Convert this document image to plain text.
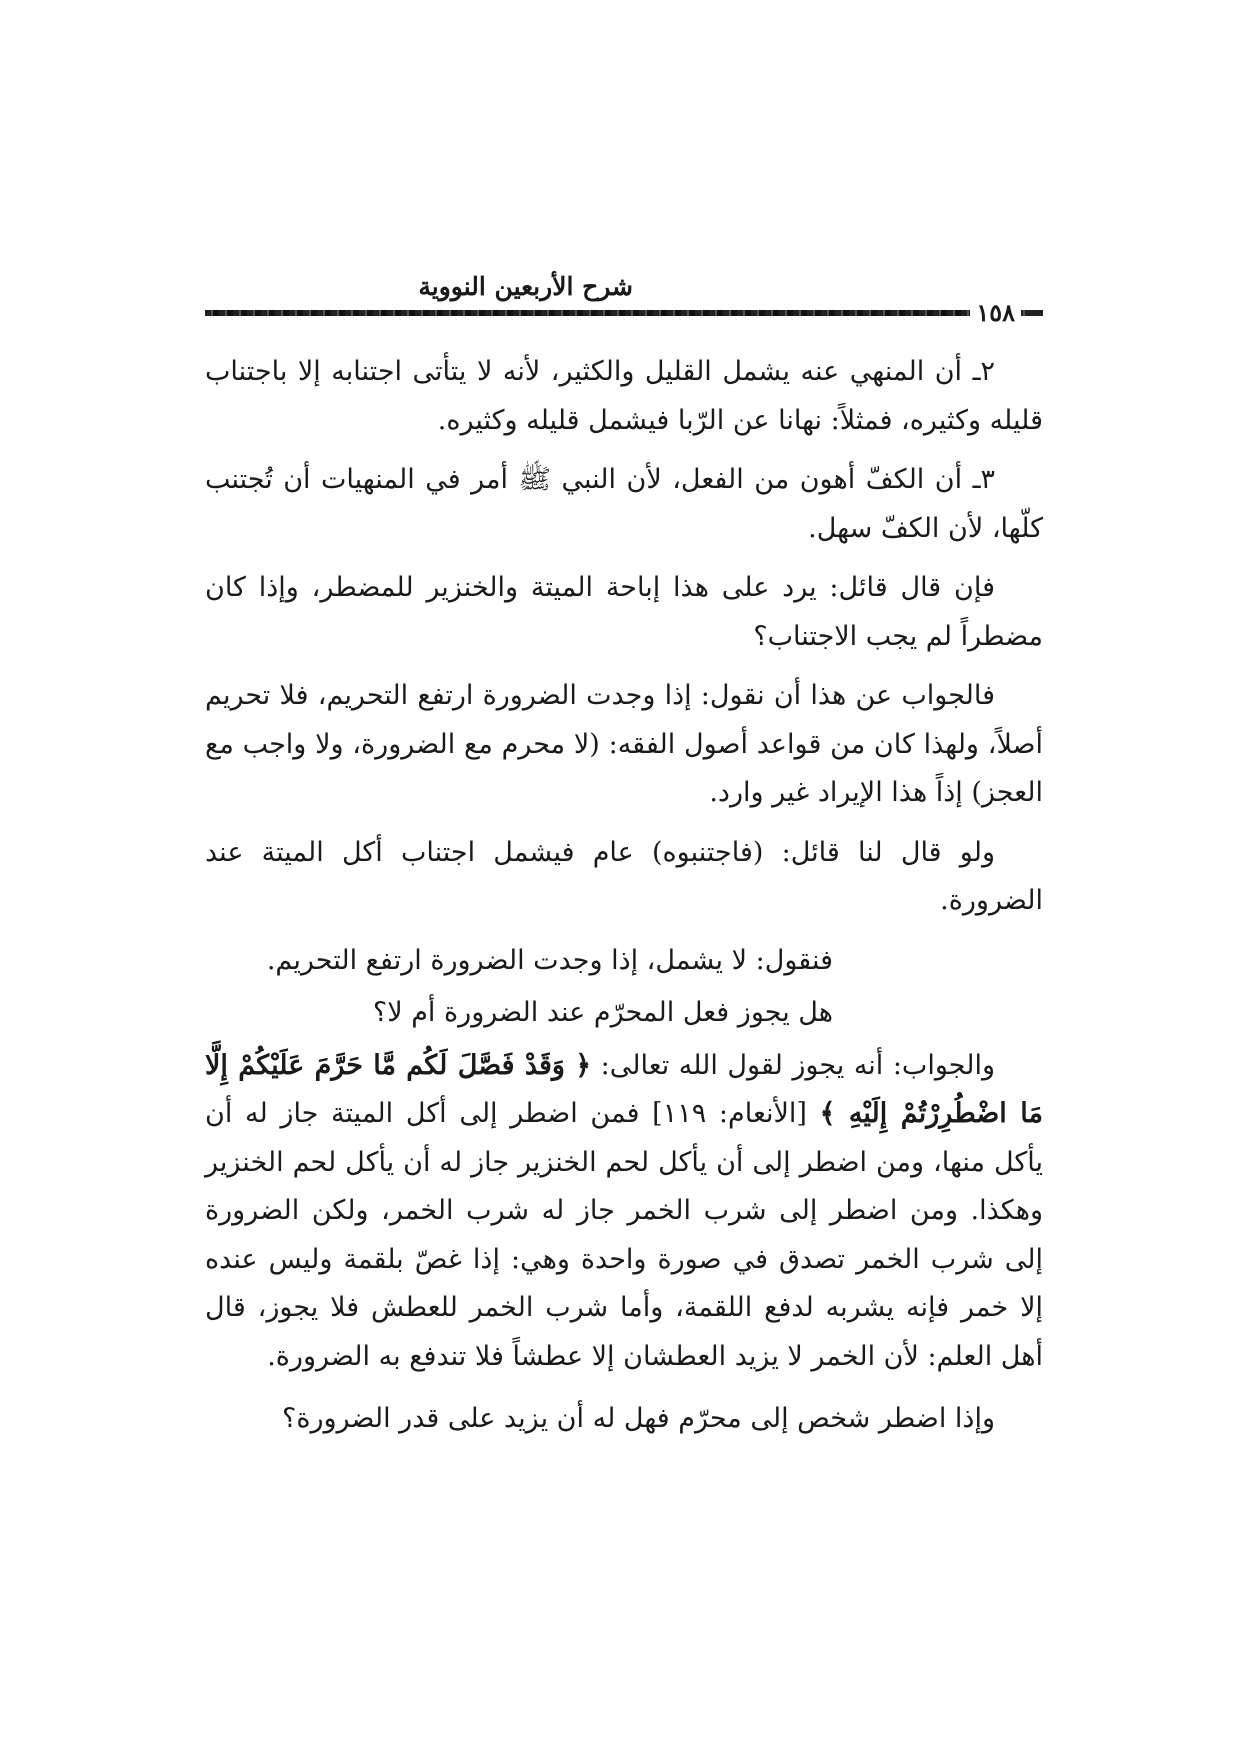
شرح الأربعين النووية
١٥٨

٢ـ أن المنهي عنه يشمل القليل والكثير، لأنه لا يتأتى اجتنابه إلا باجتناب قليله وكثيره، فمثلاً: نهانا عن الرّبا فيشمل قليله وكثيره.

٣ـ أن الكفّ أهون من الفعل، لأن النبي ﷺ أمر في المنهيات أن تُجتنب كلّها، لأن الكفّ سهل.

فإن قال قائل: يرد على هذا إباحة الميتة والخنزير للمضطر، وإذا كان مضطراً لم يجب الاجتناب؟

فالجواب عن هذا أن نقول: إذا وجدت الضرورة ارتفع التحريم، فلا تحريم أصلاً، ولهذا كان من قواعد أصول الفقه: (لا محرم مع الضرورة، ولا واجب مع العجز) إذاً هذا الإيراد غير وارد.

ولو قال لنا قائل: (فاجتنبوه) عام فيشمل اجتناب أكل الميتة عند الضرورة.

فنقول: لا يشمل، إذا وجدت الضرورة ارتفع التحريم.

هل يجوز فعل المحرّم عند الضرورة أم لا؟

والجواب: أنه يجوز لقول الله تعالى: ﴿ وَقَدْ فَصَّلَ لَكُم مَّا حَرَّمَ عَلَيْكُمْ إِلَّا مَا اضْطُرِرْتُمْ إِلَيْهِ ﴾ [الأنعام: ١١٩] فمن اضطر إلى أكل الميتة جاز له أن يأكل منها، ومن اضطر إلى أن يأكل لحم الخنزير جاز له أن يأكل لحم الخنزير وهكذا. ومن اضطر إلى شرب الخمر جاز له شرب الخمر، ولكن الضرورة إلى شرب الخمر تصدق في صورة واحدة وهي: إذا غصّ بلقمة وليس عنده إلا خمر فإنه يشربه لدفع اللقمة، وأما شرب الخمر للعطش فلا يجوز، قال أهل العلم: لأن الخمر لا يزيد العطشان إلا عطشاً فلا تندفع به الضرورة.

وإذا اضطر شخص إلى محرّم فهل له أن يزيد على قدر الضرورة؟
